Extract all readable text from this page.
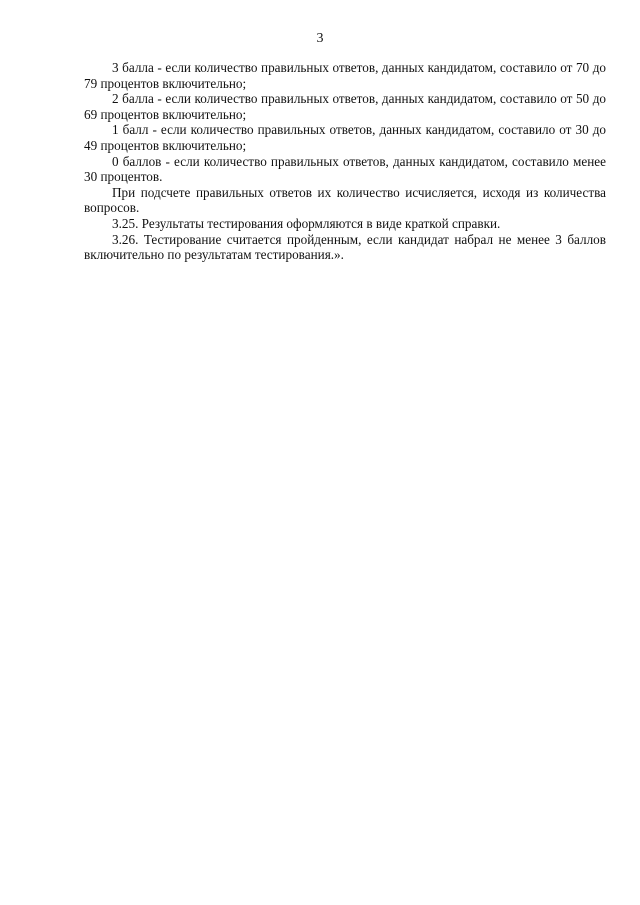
3

3 балла - если количество правильных ответов, данных кандидатом, составило от 70 до 79 процентов включительно;

2 балла - если количество правильных ответов, данных кандидатом, составило от 50 до 69 процентов включительно;

1 балл - если количество правильных ответов, данных кандидатом, составило от 30 до 49 процентов включительно;

0 баллов - если количество правильных ответов, данных кандидатом, составило менее 30 процентов.

При подсчете правильных ответов их количество исчисляется, исходя из количества вопросов.

3.25. Результаты тестирования оформляются в виде краткой справки.

3.26. Тестирование считается пройденным, если кандидат набрал не менее 3 баллов включительно по результатам тестирования.».
